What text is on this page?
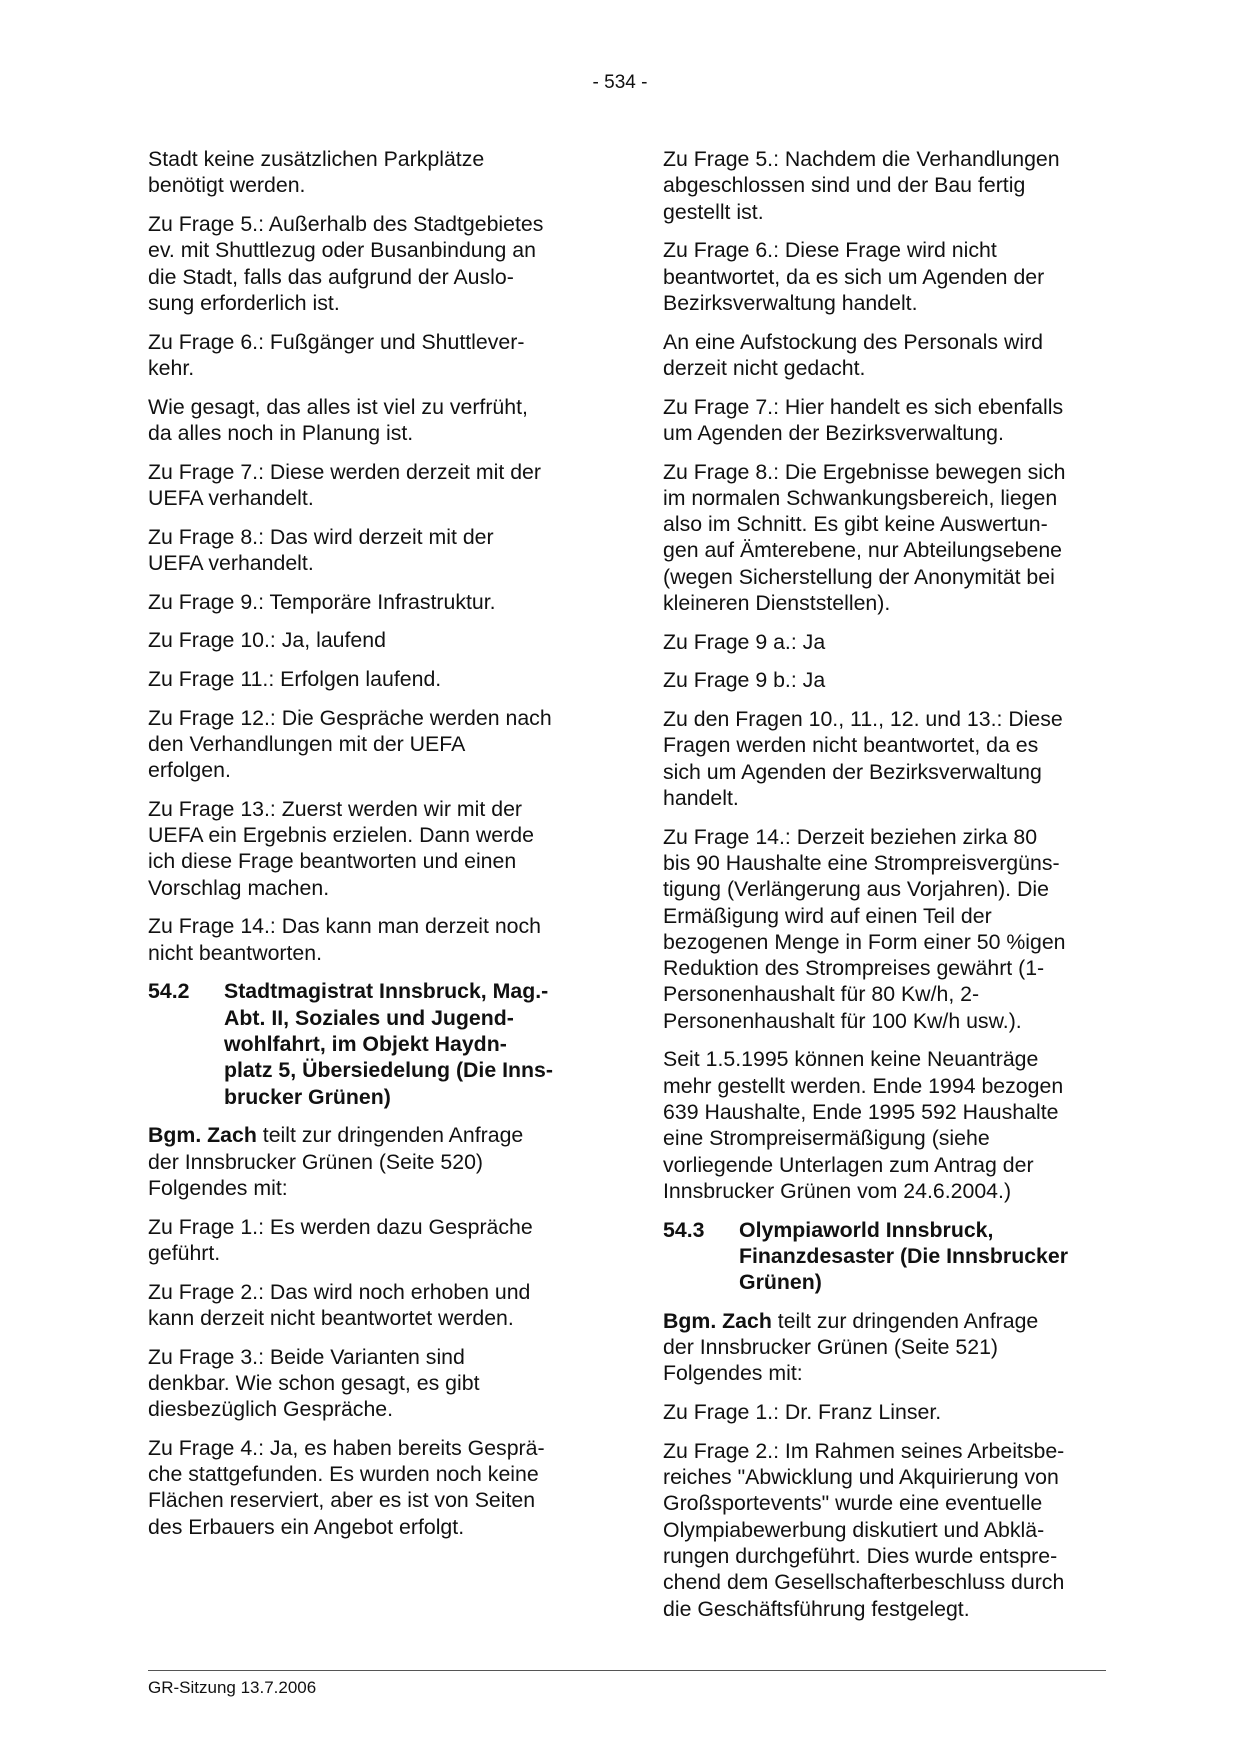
- 534 -

Stadt keine zusätzlichen Parkplätze
benötigt werden.

Zu Frage 5.: Außerhalb des Stadtgebietes
ev. mit Shuttlezug oder Busanbindung an
die Stadt, falls das aufgrund der Auslo-
sung erforderlich ist.

Zu Frage 6.: Fußgänger und Shuttlever-
kehr.

Wie gesagt, das alles ist viel zu verfrüht,
da alles noch in Planung ist.

Zu Frage 7.: Diese werden derzeit mit der
UEFA verhandelt.

Zu Frage 8.: Das wird derzeit mit der
UEFA verhandelt.

Zu Frage 9.: Temporäre Infrastruktur.

Zu Frage 10.: Ja, laufend

Zu Frage 11.: Erfolgen laufend.

Zu Frage 12.: Die Gespräche werden nach
den Verhandlungen mit der UEFA
erfolgen.

Zu Frage 13.: Zuerst werden wir mit der
UEFA ein Ergebnis erzielen. Dann werde
ich diese Frage beantworten und einen
Vorschlag machen.

Zu Frage 14.: Das kann man derzeit noch
nicht beantworten.

54.2	Stadtmagistrat Innsbruck, Mag.-
Abt. II, Soziales und Jugend-
wohlfahrt, im Objekt Haydn-
platz 5, Übersiedelung (Die Inns-
brucker Grünen)

Bgm. Zach teilt zur dringenden Anfrage
der Innsbrucker Grünen (Seite 520)
Folgendes mit:

Zu Frage 1.: Es werden dazu Gespräche
geführt.

Zu Frage 2.: Das wird noch erhoben und
kann derzeit nicht beantwortet werden.

Zu Frage 3.: Beide Varianten sind
denkbar. Wie schon gesagt, es gibt
diesbezüglich Gespräche.

Zu Frage 4.: Ja, es haben bereits Gesprä-
che stattgefunden. Es wurden noch keine
Flächen reserviert, aber es ist von Seiten
des Erbauers ein Angebot erfolgt.

Zu Frage 5.: Nachdem die Verhandlungen
abgeschlossen sind und der Bau fertig
gestellt ist.

Zu Frage 6.: Diese Frage wird nicht
beantwortet, da es sich um Agenden der
Bezirksverwaltung handelt.

An eine Aufstockung des Personals wird
derzeit nicht gedacht.

Zu Frage 7.: Hier handelt es sich ebenfalls
um Agenden der Bezirksverwaltung.

Zu Frage 8.: Die Ergebnisse bewegen sich
im normalen Schwankungsbereich, liegen
also im Schnitt. Es gibt keine Auswertun-
gen auf Ämterebene, nur Abteilungsebene
(wegen Sicherstellung der Anonymität bei
kleineren Dienststellen).

Zu Frage 9 a.: Ja

Zu Frage 9 b.: Ja

Zu den Fragen 10., 11., 12. und 13.: Diese
Fragen werden nicht beantwortet, da es
sich um Agenden der Bezirksverwaltung
handelt.

Zu Frage 14.: Derzeit beziehen zirka 80
bis 90 Haushalte eine Strompreisvergüns-
tigung (Verlängerung aus Vorjahren). Die
Ermäßigung wird auf einen Teil der
bezogenen Menge in Form einer 50 %igen
Reduktion des Strompreises gewährt (1-
Personenhaushalt für 80 Kw/h, 2-
Personenhaushalt für 100 Kw/h usw.).

Seit 1.5.1995 können keine Neuanträge
mehr gestellt werden. Ende 1994 bezogen
639 Haushalte, Ende 1995 592 Haushalte
eine Strompreisermäßigung (siehe
vorliegende Unterlagen zum Antrag der
Innsbrucker Grünen vom 24.6.2004.)

54.3	Olympiaworld Innsbruck,
Finanzdesaster (Die Innsbrucker
Grünen)

Bgm. Zach teilt zur dringenden Anfrage
der Innsbrucker Grünen (Seite 521)
Folgendes mit:

Zu Frage 1.: Dr. Franz Linser.

Zu Frage 2.: Im Rahmen seines Arbeitsbe-
reiches "Abwicklung und Akquirierung von
Großsportevents" wurde eine eventuelle
Olympiabewerbung diskutiert und Abklä-
rungen durchgeführt. Dies wurde entspre-
chend dem Gesellschafterbeschluss durch
die Geschäftsführung festgelegt.

GR-Sitzung 13.7.2006
